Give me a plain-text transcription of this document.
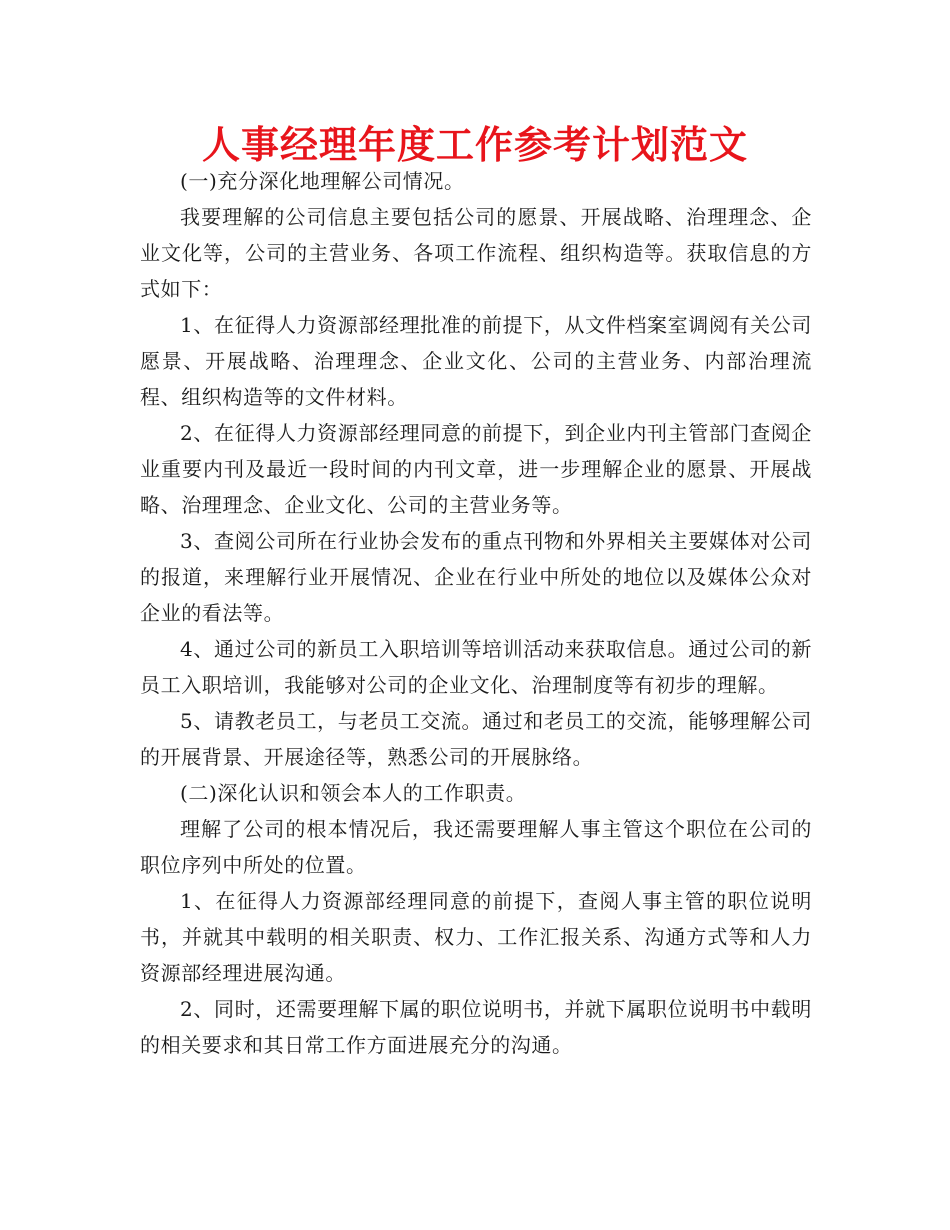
人事经理年度工作参考计划范文

(一)充分深化地理解公司情况。

我要理解的公司信息主要包括公司的愿景、开展战略、治理理念、企业文化等，公司的主营业务、各项工作流程、组织构造等。获取信息的方式如下：

1、在征得人力资源部经理批准的前提下，从文件档案室调阅有关公司愿景、开展战略、治理理念、企业文化、公司的主营业务、内部治理流程、组织构造等的文件材料。

2、在征得人力资源部经理同意的前提下，到企业内刊主管部门查阅企业重要内刊及最近一段时间的内刊文章，进一步理解企业的愿景、开展战略、治理理念、企业文化、公司的主营业务等。

3、查阅公司所在行业协会发布的重点刊物和外界相关主要媒体对公司的报道，来理解行业开展情况、企业在行业中所处的地位以及媒体公众对企业的看法等。

4、通过公司的新员工入职培训等培训活动来获取信息。通过公司的新员工入职培训，我能够对公司的企业文化、治理制度等有初步的理解。

5、请教老员工，与老员工交流。通过和老员工的交流，能够理解公司的开展背景、开展途径等，熟悉公司的开展脉络。

(二)深化认识和领会本人的工作职责。

理解了公司的根本情况后，我还需要理解人事主管这个职位在公司的职位序列中所处的位置。

1、在征得人力资源部经理同意的前提下，查阅人事主管的职位说明书，并就其中载明的相关职责、权力、工作汇报关系、沟通方式等和人力资源部经理进展沟通。

2、同时，还需要理解下属的职位说明书，并就下属职位说明书中载明的相关要求和其日常工作方面进展充分的沟通。
